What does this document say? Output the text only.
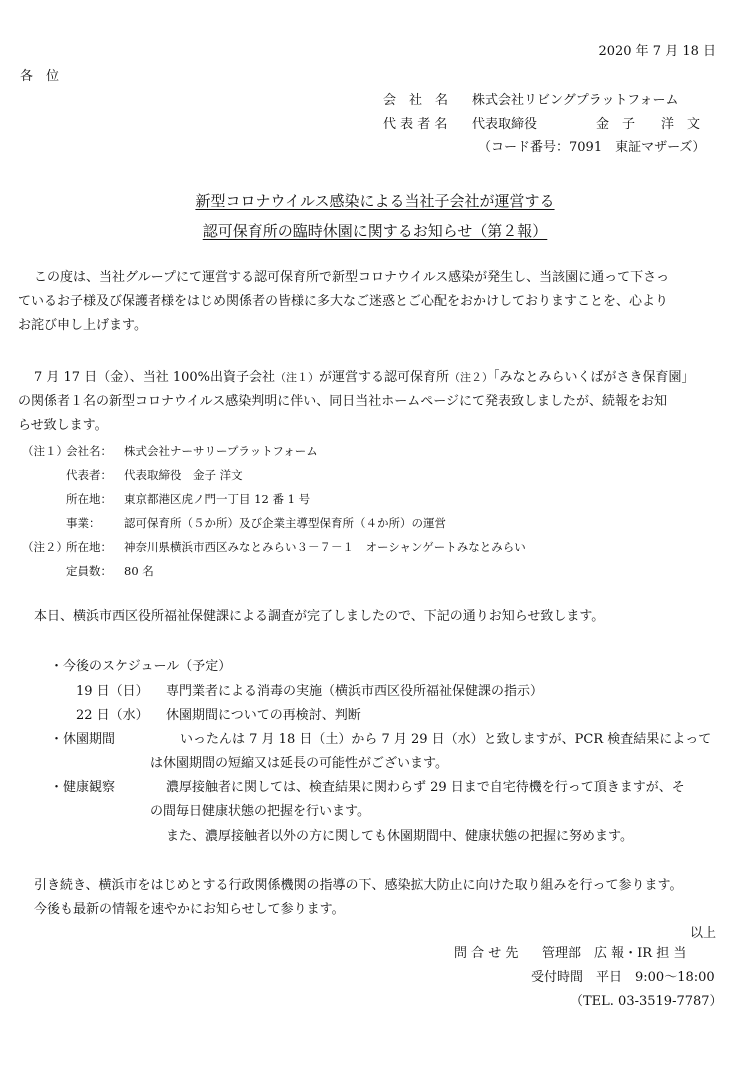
2020 年 7 月 18 日
各　位
会　社　名 株式会社リビングプラットフォーム
代 表 者 名 代表取締役	金　子　　洋　文
（コード番号：7091　東証マザーズ）
新型コロナウイルス感染による当社子会社が運営する
認可保育所の臨時休園に関するお知らせ（第２報）
この度は、当社グループにて運営する認可保育所で新型コロナウイルス感染が発生し、当該園に通って下さっ
ているお子様及び保護者様をはじめ関係者の皆様に多大なご迷惑とご心配をおかけしておりますことを、心より
お詫び申し上げます。
7 月 17 日（金）、当社 100%出資子会社（注１）が運営する認可保育所（注２）「みなとみらいくばがさき保育園」
の関係者１名の新型コロナウイルス感染判明に伴い、同日当社ホームページにて発表致しましたが、続報をお知
らせ致します。
（注１）
会社名： 株式会社ナーサリープラットフォーム
代表者： 代表取締役　金子 洋文
所在地： 東京都港区虎ノ門一丁目 12 番 1 号
事業： 認可保育所（５か所）及び企業主導型保育所（４か所）の運営
（注２）
所在地： 神奈川県横浜市西区みなとみらい３－７－１　オーシャンゲートみなとみらい
定員数： 80 名
本日、横浜市西区役所福祉保健課による調査が完了しましたので、下記の通りお知らせ致します。
・今後のスケジュール（予定）
19 日（日） 専門業者による消毒の実施（横浜市西区役所福祉保健課の指示）
22 日（水） 休園期間についての再検討、判断
・休園期間	いったんは 7 月 18 日（土）から 7 月 29 日（水）と致しますが、PCR 検査結果によって
は休園期間の短縮又は延長の可能性がございます。
・健康観察	濃厚接触者に関しては、検査結果に関わらず 29 日まで自宅待機を行って頂きますが、そ
の間毎日健康状態の把握を行います。
また、濃厚接触者以外の方に関しても休園期間中、健康状態の把握に努めます。
引き続き、横浜市をはじめとする行政関係機関の指導の下、感染拡大防止に向けた取り組みを行って参ります。
今後も最新の情報を速やかにお知らせして参ります。
以上
問 合 せ 先 管理部　広 報・IR 担 当
受付時間　平日　9:00～18:00
（TEL. 03-3519-7787）
